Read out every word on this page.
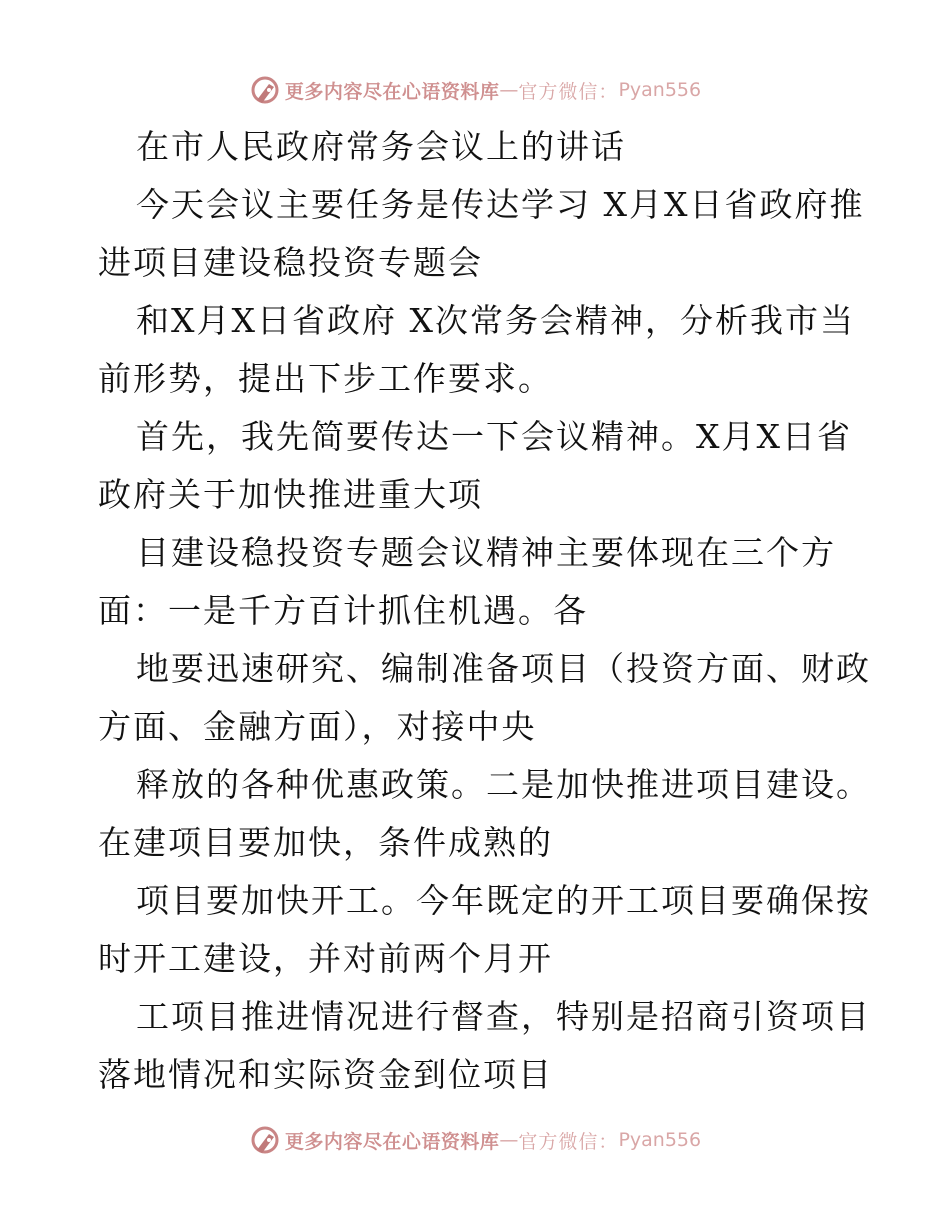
更多内容尽在心语资料库 — 官方微信： Pyan556
在市人民政府常务会议上的讲话
今天会议主要任务是传达学习 X月X日省政府推
进项目建设稳投资专题会
和X月X日省政府 X次常务会精神，分析我市当
前形势，提出下步工作要求。
首先，我先简要传达一下会议精神。X月X日省
政府关于加快推进重大项
目建设稳投资专题会议精神主要体现在三个方
面：一是千方百计抓住机遇。各
地要迅速研究、编制准备项目（投资方面、财政
方面、金融方面），对接中央
释放的各种优惠政策。二是加快推进项目建设。
在建项目要加快，条件成熟的
项目要加快开工。今年既定的开工项目要确保按
时开工建设，并对前两个月开
工项目推进情况进行督查，特别是招商引资项目
落地情况和实际资金到位项目
更多内容尽在心语资料库 — 官方微信： Pyan556
